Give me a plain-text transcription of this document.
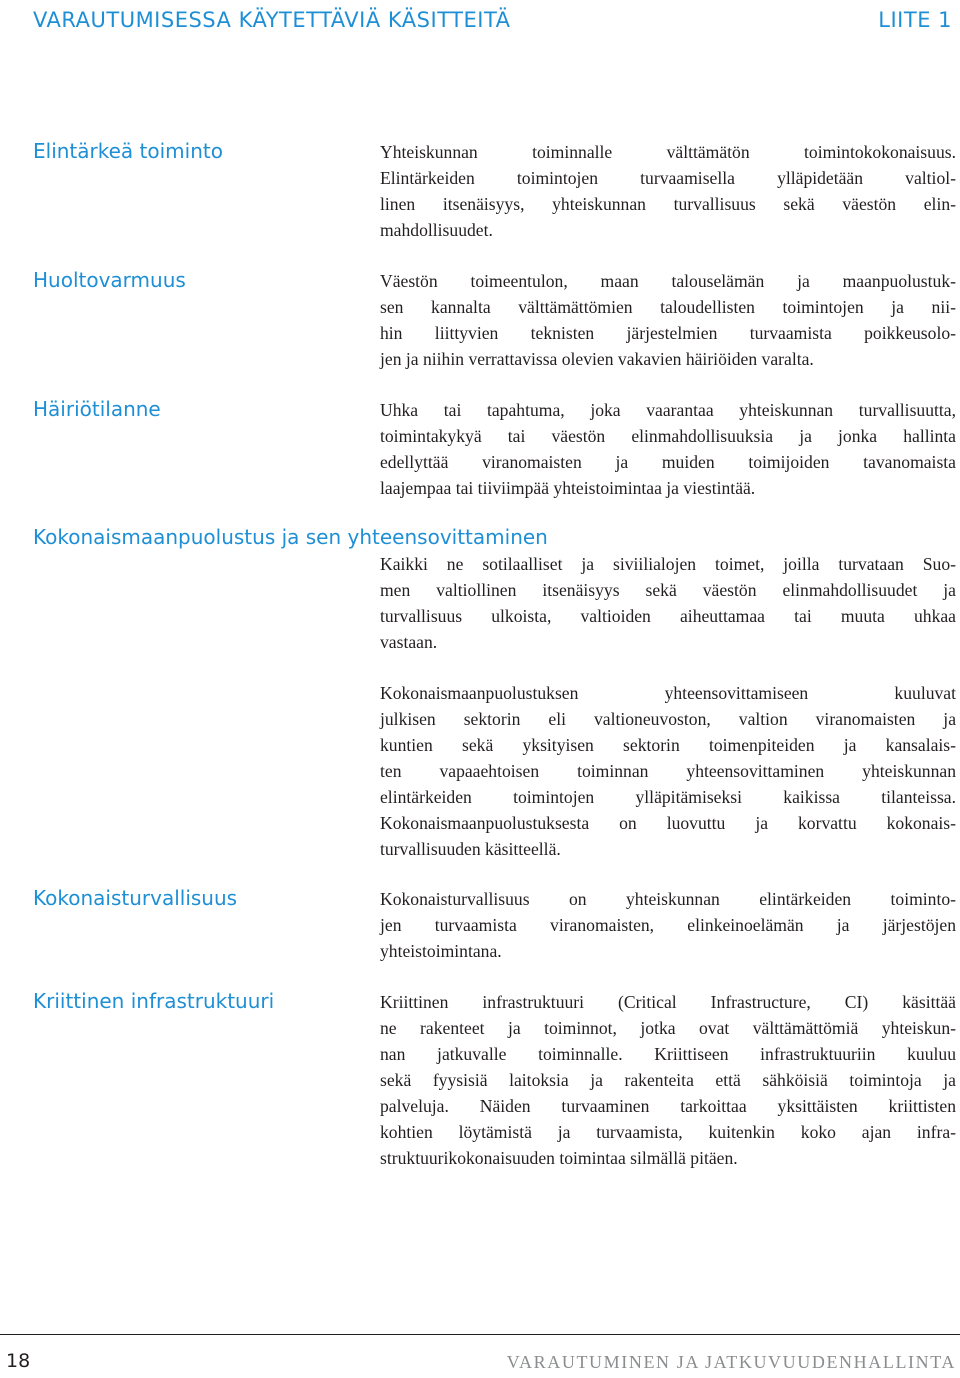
VARAUTUMISESSA KÄYTETTÄVIÄ KÄSITTEITÄ	LIITE 1
Elintärkeä toiminto	Yhteiskunnan toiminnalle välttämätön toimintokokonaisuus.
Elintärkeiden toimintojen turvaamisella ylläpidetään valtiol-
linen itsenäisyys, yhteiskunnan turvallisuus sekä väestön elin-
mahdollisuudet.
Huoltovarmuus	Väestön toimeentulon, maan talouselämän ja maanpuolustuk-
sen kannalta välttämättömien taloudellisten toimintojen ja nii-
hin liittyvien teknisten järjestelmien turvaamista poikkeusolo-
jen ja niihin verrattavissa olevien vakavien häiriöiden varalta.
Häiriötilanne	Uhka tai tapahtuma, joka vaarantaa yhteiskunnan turvallisuutta,
toimintakykyä tai väestön elinmahdollisuuksia ja jonka hallinta
edellyttää viranomaisten ja muiden toimijoiden tavanomaista
laajempaa tai tiiviimpää yhteistoimintaa ja viestintää.
Kokonaismaanpuolustus ja sen yhteensovittaminen
Kaikki ne sotilaalliset ja siviilialojen toimet, joilla turvataan Suo-
men valtiollinen itsenäisyys sekä väestön elinmahdollisuudet ja
turvallisuus ulkoista, valtioiden aiheuttamaa tai muuta uhkaa
vastaan.
Kokonaismaanpuolustuksen yhteensovittamiseen kuuluvat
julkisen sektorin eli valtioneuvoston, valtion viranomaisten ja
kuntien sekä yksityisen sektorin toimenpiteiden ja kansalais-
ten vapaaehtoisen toiminnan yhteensovittaminen yhteiskunnan
elintärkeiden toimintojen ylläpitämiseksi kaikissa tilanteissa.
Kokonaismaanpuolustuksesta on luovuttu ja korvattu kokonais-
turvallisuuden käsitteellä.
Kokonaisturvallisuus	Kokonaisturvallisuus on yhteiskunnan elintärkeiden toiminto-
jen turvaamista viranomaisten, elinkeinoelämän ja järjestöjen
yhteistoimintana.
Kriittinen infrastruktuuri	Kriittinen infrastruktuuri (Critical Infrastructure, CI) käsittää
ne rakenteet ja toiminnot, jotka ovat välttämättömiä yhteiskun-
nan jatkuvalle toiminnalle. Kriittiseen infrastruktuuriin kuuluu
sekä fyysisiä laitoksia ja rakenteita että sähköisiä toimintoja ja
palveluja. Näiden turvaaminen tarkoittaa yksittäisten kriittisten
kohtien löytämistä ja turvaamista, kuitenkin koko ajan infra-
struktuurikokonaisuuden toimintaa silmällä pitäen.
18	VARAUTUMINEN JA JATKUVUUDENHALLINTA
